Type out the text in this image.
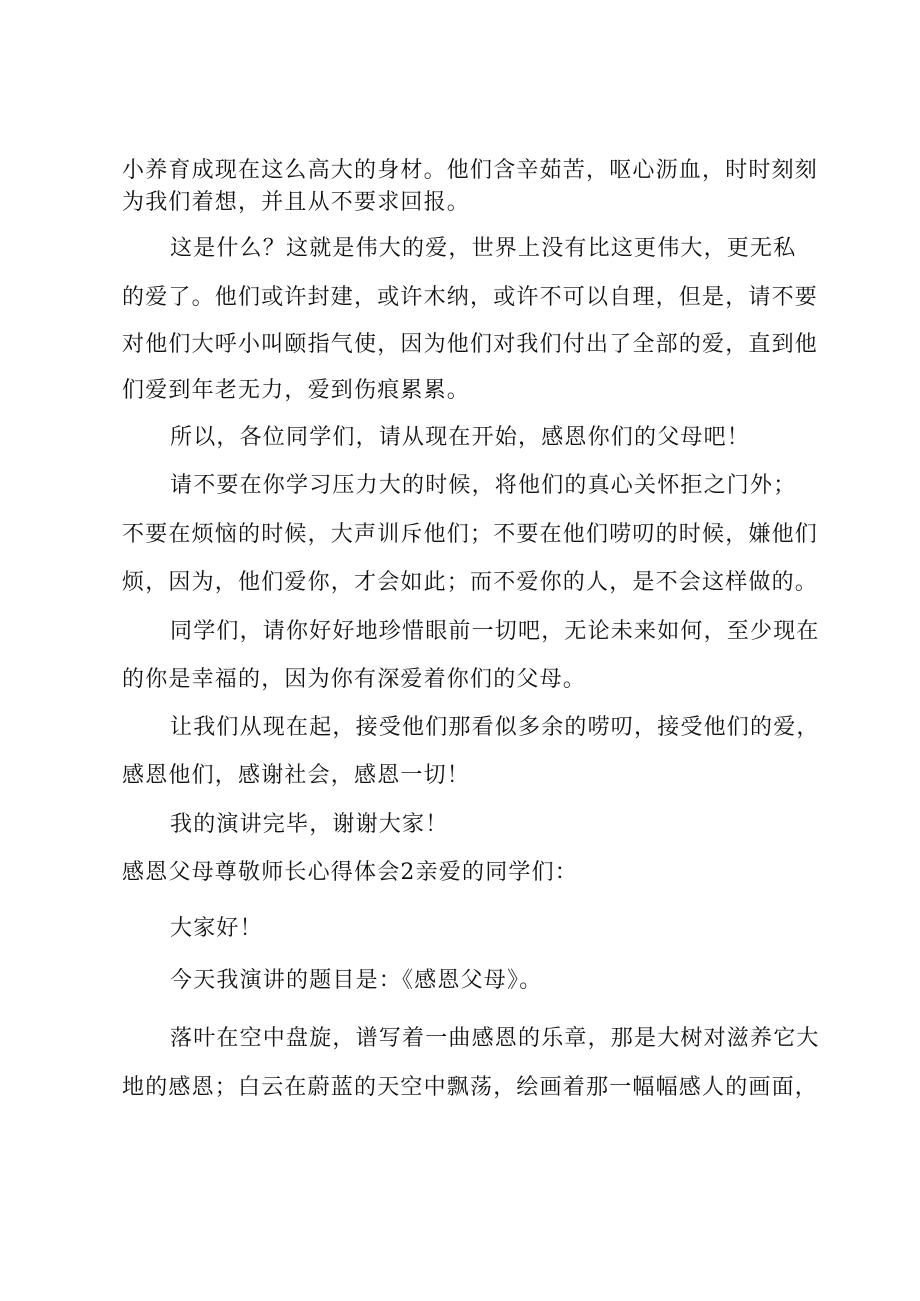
小养育成现在这么高大的身材。他们含辛茹苦，呕心沥血，时时刻刻

为我们着想，并且从不要求回报。

这是什么？这就是伟大的爱，世界上没有比这更伟大，更无私

的爱了。他们或许封建，或许木纳，或许不可以自理，但是，请不要

对他们大呼小叫颐指气使，因为他们对我们付出了全部的爱，直到他

们爱到年老无力，爱到伤痕累累。

所以，各位同学们，请从现在开始，感恩你们的父母吧！

请不要在你学习压力大的时候，将他们的真心关怀拒之门外；

不要在烦恼的时候，大声训斥他们；不要在他们唠叨的时候，嫌他们

烦，因为，他们爱你，才会如此；而不爱你的人，是不会这样做的。

同学们，请你好好地珍惜眼前一切吧，无论未来如何，至少现在

的你是幸福的，因为你有深爱着你们的父母。

让我们从现在起，接受他们那看似多余的唠叨，接受他们的爱，

感恩他们，感谢社会，感恩一切！

我的演讲完毕，谢谢大家！

感恩父母尊敬师长心得体会2亲爱的同学们：

大家好！

今天我演讲的题目是：《感恩父母》。

落叶在空中盘旋，谱写着一曲感恩的乐章，那是大树对滋养它大

地的感恩；白云在蔚蓝的天空中飘荡，绘画着那一幅幅感人的画面，
